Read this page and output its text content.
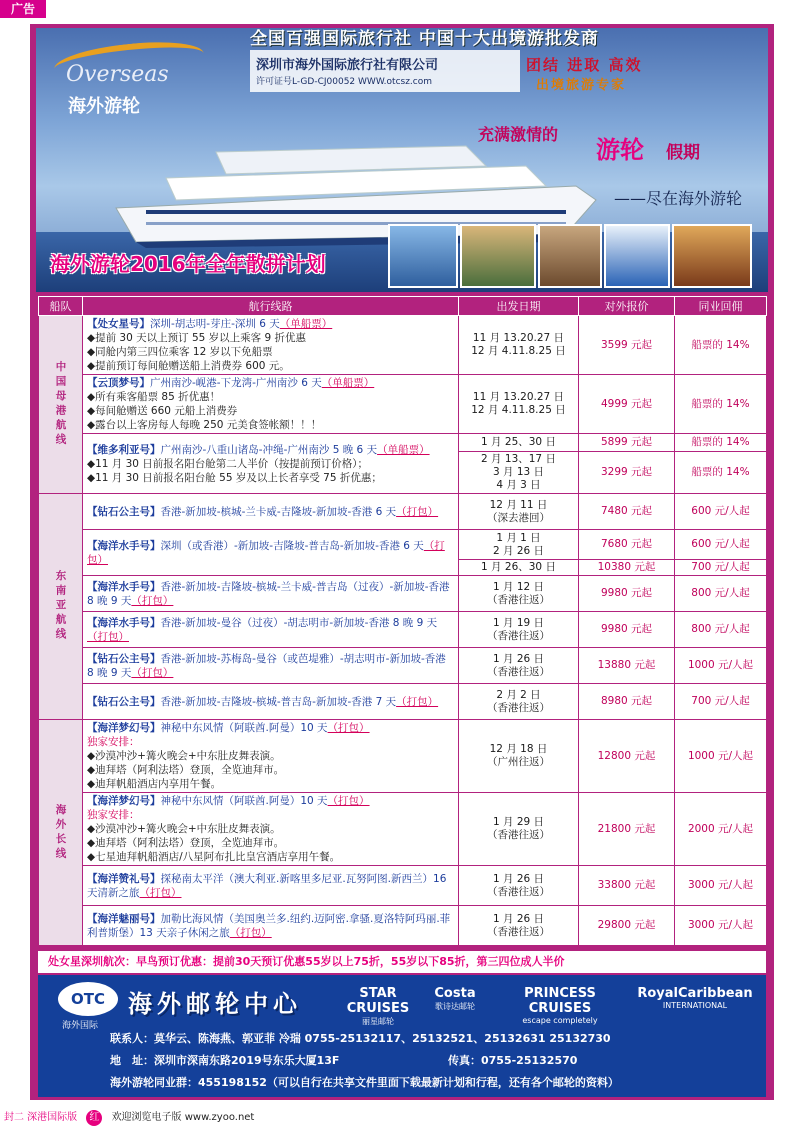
广告
Overseas
海外游轮
全国百强国际旅行社 中国十大出境游批发商
深圳市海外国际旅行社有限公司
许可证号L-GD-CJ00052 WWW.otcsz.com
团结 进取 高效
出境旅游专家
充满激情的
游轮 假期
——尽在海外游轮
海外游轮2016年全年散拼计划
船队	航行线路	出发日期	对外报价	同业回佣
中国母港航线	【处女星号】深圳-胡志明-芽庄-深圳 6 天（单船票）
◆提前 30 天以上预订 55 岁以上乘客 9 折优惠
◆同舱内第三四位乘客 12 岁以下免船票
◆提前预订每间舱赠送船上消费券 600 元。	11 月 13.20.27 日
12 月 4.11.8.25 日	3599 元起	船票的 14%
	【云顶梦号】广州南沙-岘港-下龙湾-广州南沙 6 天（单船票）
◆所有乘客船票 85 折优惠！
◆每间舱赠送 660 元船上消费券
◆露台以上客房每人每晚 250 元美食签帐额！！！	11 月 13.20.27 日
12 月 4.11.8.25 日	4999 元起	船票的 14%
	【维多利亚号】广州南沙-八重山诸岛-冲绳-广州南沙 5 晚 6 天（单船票）
◆11 月 30 日前报名阳台舱第二人半价（按提前预订价格）；
◆11 月 30 日前报名阳台舱 55 岁及以上长者享受 75 折优惠；	1 月 25、30 日	5899 元起	船票的 14%
		2 月 13、17 日
3 月 13 日
4 月 3 日	3299 元起	船票的 14%

东南亚航线	【钻石公主号】香港-新加坡-槟城-兰卡威-吉隆坡-新加坡-香港 6 天（打包）	12 月 11 日
（深去港回）	7480 元起	600 元/人起
	【海洋水手号】深圳（或香港）-新加坡-吉隆坡-普吉岛-新加坡-香港 6 天（打包）	1 月 1 日
2 月 26 日	7680 元起	600 元/人起
		1 月 26、30 日	10380 元起	700 元/人起
	【海洋水手号】香港-新加坡-吉隆坡-槟城-兰卡威-普吉岛（过夜）-新加坡-香港 8 晚 9 天（打包）	1 月 12 日
（香港往返）	9980 元起	800 元/人起
	【海洋水手号】香港-新加坡-曼谷（过夜）-胡志明市-新加坡-香港 8 晚 9 天（打包）	1 月 19 日
（香港往返）	9980 元起	800 元/人起
	【钻石公主号】香港-新加坡-苏梅岛-曼谷（或芭堤雅）-胡志明市-新加坡-香港 8 晚 9 天（打包）	1 月 26 日
（香港往返）	13880 元起	1000 元/人起
	【钻石公主号】香港-新加坡-吉隆坡-槟城-普吉岛-新加坡-香港 7 天（打包）	2 月 2 日
（香港往返）	8980 元起	700 元/人起

海外长线	【海洋梦幻号】神秘中东风情（阿联酋.阿曼）10 天（打包）
独家安排：
◆沙漠冲沙+篝火晚会+中东肚皮舞表演。
◆迪拜塔（阿利法塔）登顶，全览迪拜市。
◆迪拜帆船酒店内享用午餐。	12 月 18 日
（广州往返）	12800 元起	1000 元/人起
	【海洋梦幻号】神秘中东风情（阿联酋.阿曼）10 天（打包）
独家安排：
◆沙漠冲沙+篝火晚会+中东肚皮舞表演。
◆迪拜塔（阿利法塔）登顶，全览迪拜市。
◆七星迪拜帆船酒店/八星阿布扎比皇宫酒店享用午餐。	1 月 29 日
（香港往返）	21800 元起	2000 元/人起
	【海洋赞礼号】探秘南太平洋（澳大利亚.新喀里多尼亚.瓦努阿图.新西兰）16 天清新之旅（打包）	1 月 26 日
（香港往返）	33800 元起	3000 元/人起
	【海洋魅丽号】加勒比海风情（美国奥兰多.纽约.迈阿密.拿骚.夏洛特阿玛丽.菲利普斯堡）13 天亲子休闲之旅（打包）	1 月 26 日
（香港往返）	29800 元起	3000 元/人起
处女星深圳航次：早鸟预订优惠：提前30天预订优惠55岁以上75折，55岁以下85折，第三四位成人半价
OTC
海外国际
海外邮轮中心	STAR CRUISES
丽星邮轮
Costa
歌诗达邮轮
PRINCESS CRUISES
escape completely
RoyalCaribbean
INTERNATIONAL
联系人：莫华云、陈海燕、郭亚菲 冷瑞 0755-25132117、25132521、25132631 25132730
地　址：深圳市深南东路2019号东乐大厦13F	传真：0755-25132570
海外游轮同业群：455198152（可以自行在共享文件里面下载最新计划和行程，还有各个邮轮的资料）
封二 深港国际版 红 欢迎浏览电子版 www.zyoo.net
